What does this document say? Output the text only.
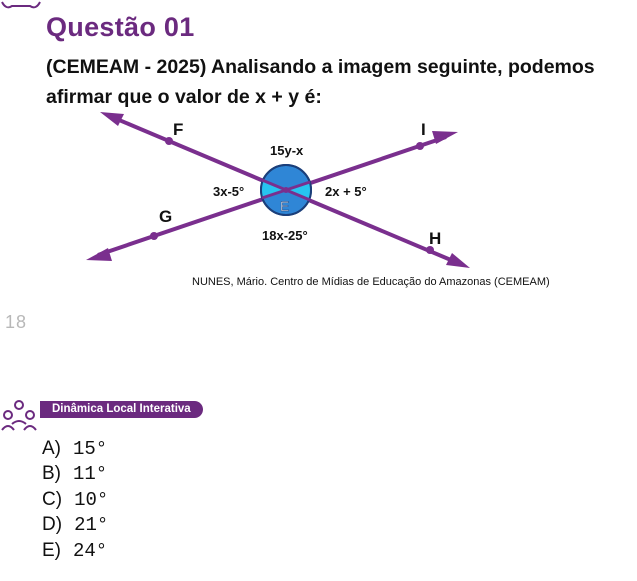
Questão 01

(CEMEAM - 2025) Analisando a imagem seguinte, podemos afirmar que o valor de x + y é:

F	I
G
H
E
15y-x
3x-5°	2x + 5°
18x-25°

NUNES, Mário. Centro de Mídias de Educação do Amazonas (CEMEAM)

18
Dinâmica Local Interativa
A) 15°
B) 11°
C) 10°
D) 21°
E) 24°
